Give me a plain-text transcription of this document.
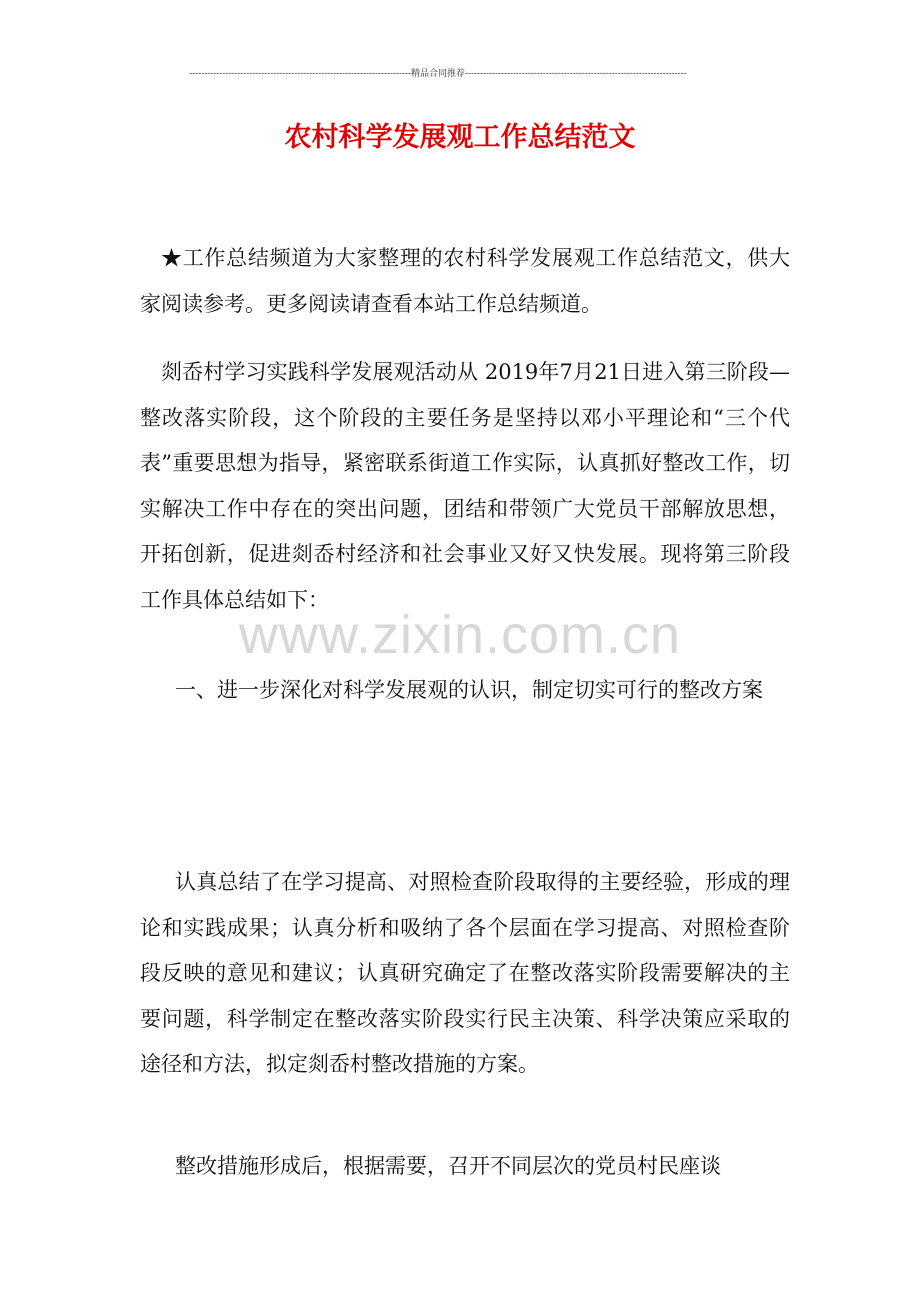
--------------------------------------------------------------------------精品合同推荐--------------------------------------------------------------------------
农村科学发展观工作总结范文
★工作总结频道为大家整理的农村科学发展观工作总结范文，供大家阅读参考。更多阅读请查看本站工作总结频道。
剡岙村学习实践科学发展观活动从 2019年7月21日进入第三阶段—整改落实阶段，这个阶段的主要任务是坚持以邓小平理论和“三个代表”重要思想为指导，紧密联系街道工作实际，认真抓好整改工作，切实解决工作中存在的突出问题，团结和带领广大党员干部解放思想，开拓创新，促进剡岙村经济和社会事业又好又快发展。现将第三阶段工作具体总结如下：
www.zixin.com.cn
一、进一步深化对科学发展观的认识，制定切实可行的整改方案
认真总结了在学习提高、对照检查阶段取得的主要经验，形成的理论和实践成果；认真分析和吸纳了各个层面在学习提高、对照检查阶段反映的意见和建议；认真研究确定了在整改落实阶段需要解决的主要问题，科学制定在整改落实阶段实行民主决策、科学决策应采取的途径和方法，拟定剡岙村整改措施的方案。
整改措施形成后，根据需要，召开不同层次的党员村民座谈
